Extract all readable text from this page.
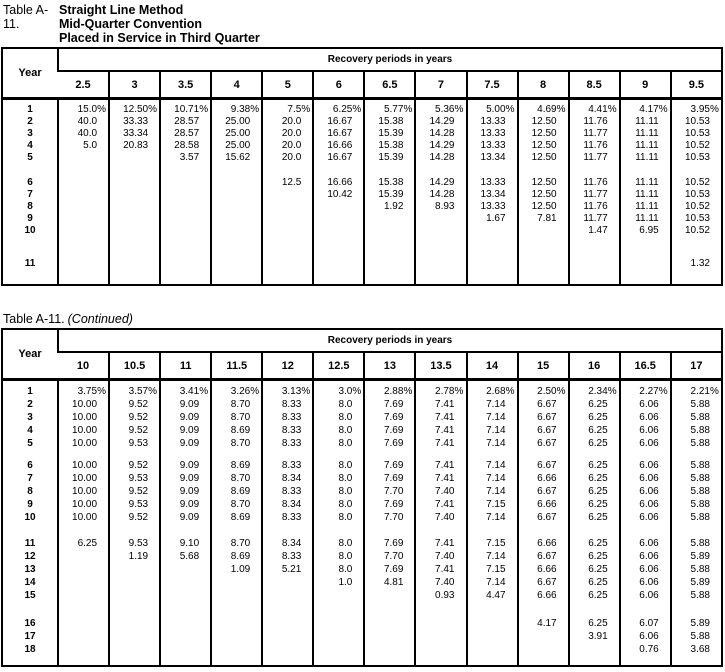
Table A-11.
Straight Line Method
Mid-Quarter Convention
Placed in Service in Third Quarter
Year	Recovery periods in years												
	2.5	3	3.5	4	5	6	6.5	7	7.5	8	8.5	9	9.5

1	15.0 %	12.50 %	10.71 %	9.38 %	7.5 %	6.25 %	5.77 %	5.36 %	5.00 %	4.69 %	4.41 %	4.17 %	3.95 %

2	40.0	33.33	28.57	25.00	20.0	16.67	15.38	14.29	13.33	12.50	11.76	11.11	10.53

3	40.0	33.34	28.57	25.00	20.0	16.67	15.39	14.28	13.33	12.50	11.77	11.11	10.53

4	5.0	20.83	28.58	25.00	20.0	16.66	15.38	14.29	13.33	12.50	11.76	11.11	10.52

5			3.57	15.62	20.0	16.67	15.39	14.28	13.34	12.50	11.77	11.11	10.53

6					12.5	16.66	15.38	14.29	13.33	12.50	11.76	11.11	10.52

7						10.42	15.39	14.28	13.34	12.50	11.77	11.11	10.53

8							1.92	8.93	13.33	12.50	11.76	11.11	10.52

9									1.67	7.81	11.77	11.11	10.53

10											1.47	6.95	10.52

11													1.32

Table A-11. (Continued)
Year	Recovery periods in years												
	10	10.5	11	11.5	12	12.5	13	13.5	14	15	16	16.5	17

1	3.75 %	3.57 %	3.41 %	3.26 %	3.13 %	3.0 %	2.88 %	2.78 %	2.68 %	2.50 %	2.34 %	2.27 %	2.21 %

2	10.00	9.52	9.09	8.70	8.33	8.0	7.69	7.41	7.14	6.67	6.25	6.06	5.88

3	10.00	9.52	9.09	8.70	8.33	8.0	7.69	7.41	7.14	6.67	6.25	6.06	5.88

4	10.00	9.52	9.09	8.69	8.33	8.0	7.69	7.41	7.14	6.67	6.25	6.06	5.88

5	10.00	9.53	9.09	8.70	8.33	8.0	7.69	7.41	7.14	6.67	6.25	6.06	5.88

6	10.00	9.52	9.09	8.69	8.33	8.0	7.69	7.41	7.14	6.67	6.25	6.06	5.88

7	10.00	9.53	9.09	8.70	8.34	8.0	7.69	7.41	7.14	6.66	6.25	6.06	5.88

8	10.00	9.52	9.09	8.69	8.33	8.0	7.70	7.40	7.14	6.67	6.25	6.06	5.88

9	10.00	9.53	9.09	8.70	8.34	8.0	7.69	7.41	7.15	6.66	6.25	6.06	5.88

10	10.00	9.52	9.09	8.69	8.33	8.0	7.70	7.40	7.14	6.67	6.25	6.06	5.88

11	6.25	9.53	9.10	8.70	8.34	8.0	7.69	7.41	7.15	6.66	6.25	6.06	5.88

12		1.19	5.68	8.69	8.33	8.0	7.70	7.40	7.14	6.67	6.25	6.06	5.89

13				1.09	5.21	8.0	7.69	7.41	7.15	6.66	6.25	6.06	5.88

14						1.0	4.81	7.40	7.14	6.67	6.25	6.06	5.89

15								0.93	4.47	6.66	6.25	6.06	5.88

16										4.17	6.25	6.07	5.89

17											3.91	6.06	5.88

18												0.76	3.68
